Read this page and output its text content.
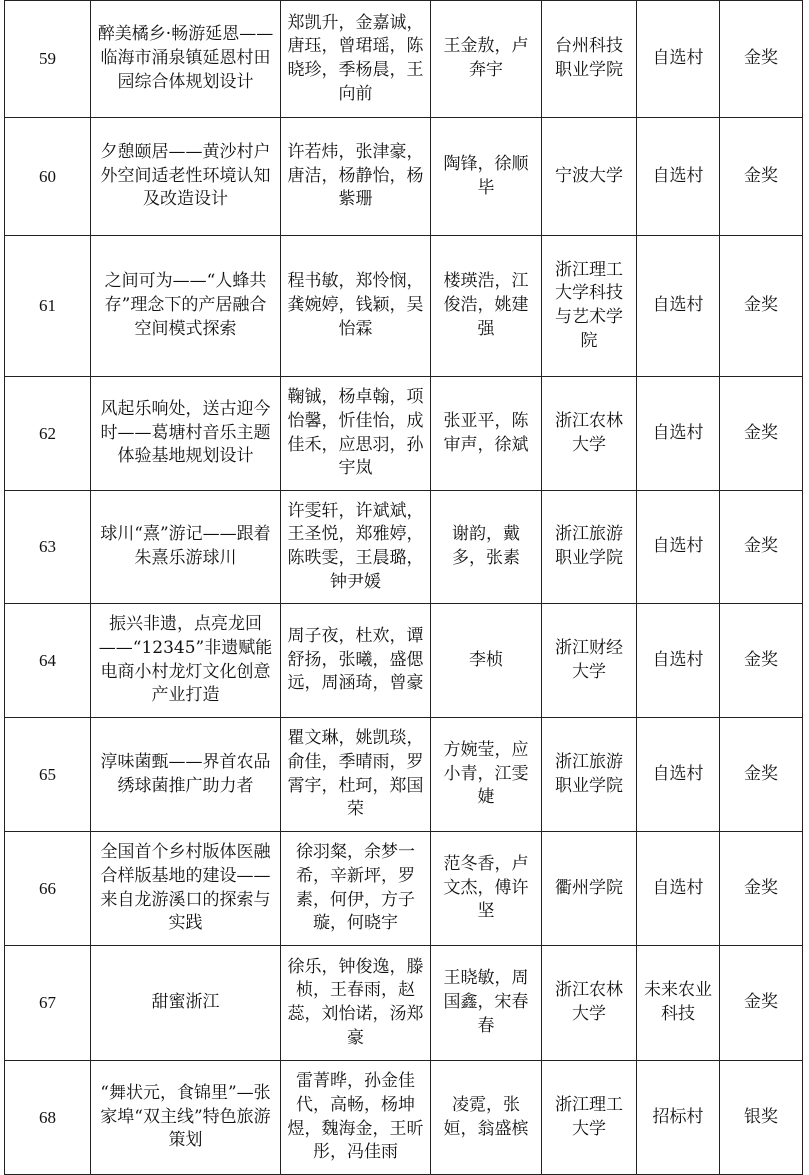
59	醉美橘乡·畅游延恩——临海市涌泉镇延恩村田园综合体规划设计	郑凯升，金嘉诚，唐珏，曾珺瑶，陈晓珍，季杨晨，王向前	王金敖，卢奔宇	台州科技职业学院	自选村	金奖
60	夕憩颐居——黄沙村户外空间适老性环境认知及改造设计	许若炜，张津豪，唐洁，杨静怡，杨紫珊	陶锋，徐顺毕	宁波大学	自选村	金奖
61	之间可为——“人蜂共存”理念下的产居融合空间模式探索	程书敏，郑怜悯，龚婉婷，钱颖，吴怡霖	楼瑛浩，江俊浩，姚建强	浙江理工大学科技与艺术学院	自选村	金奖
62	风起乐响处，送古迎今时——葛塘村音乐主题体验基地规划设计	鞠铖，杨卓翰，项怡馨，忻佳怡，成佳禾，应思羽，孙宇岚	张亚平，陈审声，徐斌	浙江农林大学	自选村	金奖
63	球川“熹”游记——跟着朱熹乐游球川	许雯轩，许斌斌，王圣悦，郑雅婷，陈昳雯，王晨璐，钟尹媛	谢韵，戴多，张素	浙江旅游职业学院	自选村	金奖
64	振兴非遗，点亮龙回——“12345”非遗赋能电商小村龙灯文化创意产业打造	周子夜，杜欢，谭舒扬，张曦，盛偲远，周涵琦，曾豪	李桢	浙江财经大学	自选村	金奖
65	淳味菌甄——界首农品绣球菌推广助力者	瞿文琳，姚凯琰，俞佳，季晴雨，罗霄宇，杜珂，郑国荣	方婉莹，应小青，江雯婕	浙江旅游职业学院	自选村	金奖
66	全国首个乡村版体医融合样版基地的建设——来自龙游溪口的探索与实践	徐羽粲，余梦一希，辛新坪，罗素，何伊，方子璇，何晓宇	范冬香，卢文杰，傅许坚	衢州学院	自选村	金奖
67	甜蜜浙江	徐乐，钟俊逸，滕桢，王春雨，赵蕊，刘怡诺，汤郑豪	王晓敏，周国鑫，宋春春	浙江农林大学	未来农业科技	金奖
68	“舞状元，食锦里”—张家埠“双主线”特色旅游策划	雷菁晔，孙金佳代，高畅，杨坤煜，魏海金，王昕彤，冯佳雨	凌霓，张姮，翁盛槟	浙江理工大学	招标村	银奖
